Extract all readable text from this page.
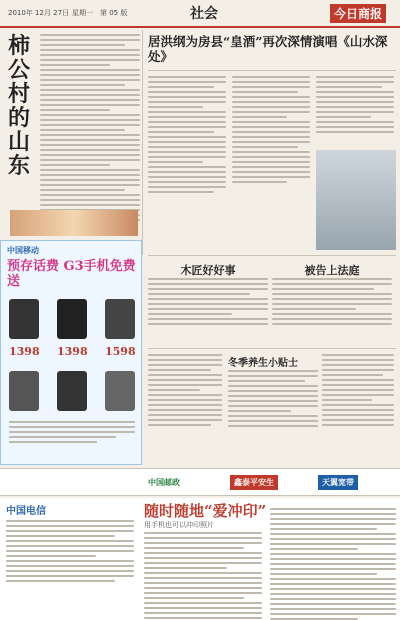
2010年 12月 27日 星期一 第 05 版	社会	今日商报
柿
公
村
的
山
东
居洪纲为房县“皇酒”再次深情演唱《山水深处》
中国移动
预存话费 G3手机免费送
1398 1398 1598
木匠好好事	被告上法庭
冬季养生小贴士
中国邮政	鑫泰平安生	天翼宽带
中国电信	随时随地“爱冲印”
用手机也可以冲印照片
